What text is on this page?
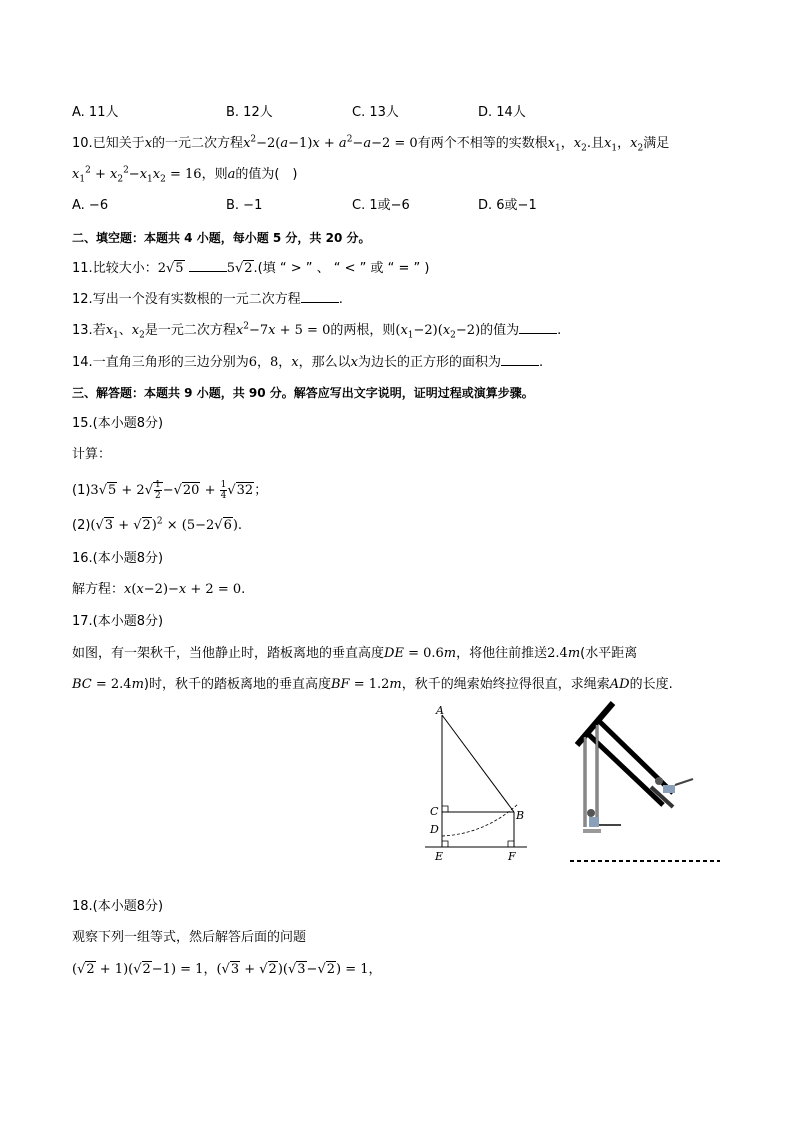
A. 11人	B. 12人	C. 13人	D. 14人
10.已知关于x的一元二次方程$x^2-2(a-1)x + a^2-a-2 = 0$有两个不相等的实数根$x_1$，$x_2$.且$x_1$，$x_2$满足
$x_1^2 + x_2^2-x_1x_2 = 16$，则a的值为(　)
A. −6	B. −1	C. 1或−6	D. 6或−1
二、填空题：本题共 4 小题，每小题 5 分，共 20 分。
11.比较大小：2√5	5√2.(填 “ > ” 、 “ < ” 或 “ = ” )
12.写出一个没有实数根的一元二次方程	.
13.若$x_1$、$x_2$是一元二次方程$x^2-7x + 5 = 0$的两根，则$(x_1-2)(x_2-2)$的值为	.
14.一直角三角形的三边分别为6，8，x，那么以x为边长的正方形的面积为	.
三、解答题：本题共 9 小题，共 90 分。解答应写出文字说明，证明过程或演算步骤。
15.(本小题8分)
计算：
$(1)3√5 + 2√ \frac{1}{2} -√20 + \frac{1}{4} √32$；
$(2)(√3 + √2)^2 \times (5-2√6)$.
16.(本小题8分)
解方程：x(x−2)−x + 2 = 0.
17.(本小题8分)
如图，有一架秋千，当他静止时，踏板离地的垂直高度DE = 0.6m，将他往前推送2.4m(水平距离
BC = 2.4m)时，秋千的踏板离地的垂直高度BF = 1.2m，秋千的绳索始终拉得很直，求绳索AD的长度.
A
C	B
D
E	F
18.(本小题8分)
观察下列一组等式，然后解答后面的问题
(√2 + 1)(√2−1) = 1，(√3 + √2)(√3−√2) = 1，
